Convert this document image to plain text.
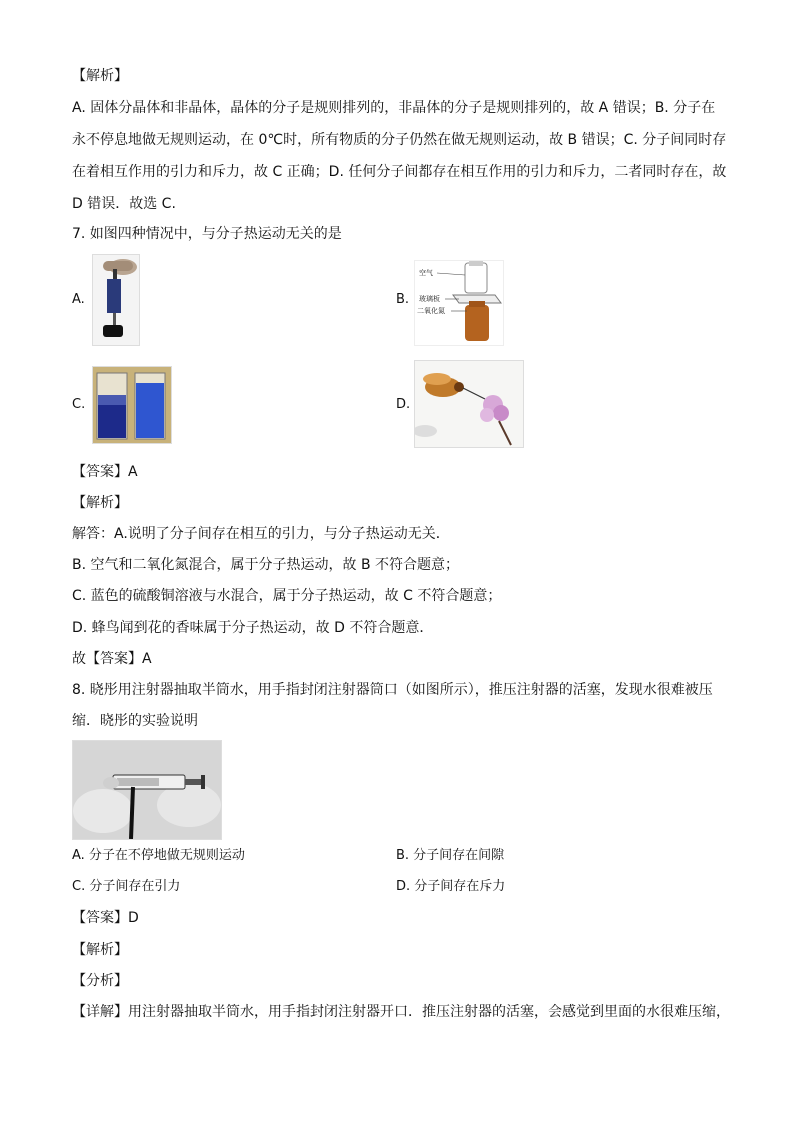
【解析】
A. 固体分晶体和非晶体，晶体的分子是规则排列的，非晶体的分子是规则排列的，故 A 错误；B. 分子在
永不停息地做无规则运动，在 0℃时，所有物质的分子仍然在做无规则运动，故 B 错误；C. 分子间同时存
在着相互作用的引力和斥力，故 C 正确；D. 任何分子间都存在相互作用的引力和斥力，二者同时存在，故
D 错误．故选 C.
7. 如图四种情况中，与分子热运动无关的是
A.	B.
空气
玻璃板
二氧化氮
C.	D.
【答案】A
【解析】
解答：A.说明了分子间存在相互的引力，与分子热运动无关．
B. 空气和二氧化氮混合，属于分子热运动，故 B 不符合题意；
C. 蓝色的硫酸铜溶液与水混合，属于分子热运动，故 C 不符合题意；
D. 蜂鸟闻到花的香味属于分子热运动，故 D 不符合题意．
故【答案】A
8. 晓彤用注射器抽取半筒水，用手指封闭注射器筒口（如图所示），推压注射器的活塞，发现水很难被压
缩．晓彤的实验说明
A. 分子在不停地做无规则运动	B. 分子间存在间隙
C. 分子间存在引力	D. 分子间存在斥力
【答案】D
【解析】
【分析】
【详解】用注射器抽取半筒水，用手指封闭注射器开口．推压注射器的活塞，会感觉到里面的水很难压缩，
